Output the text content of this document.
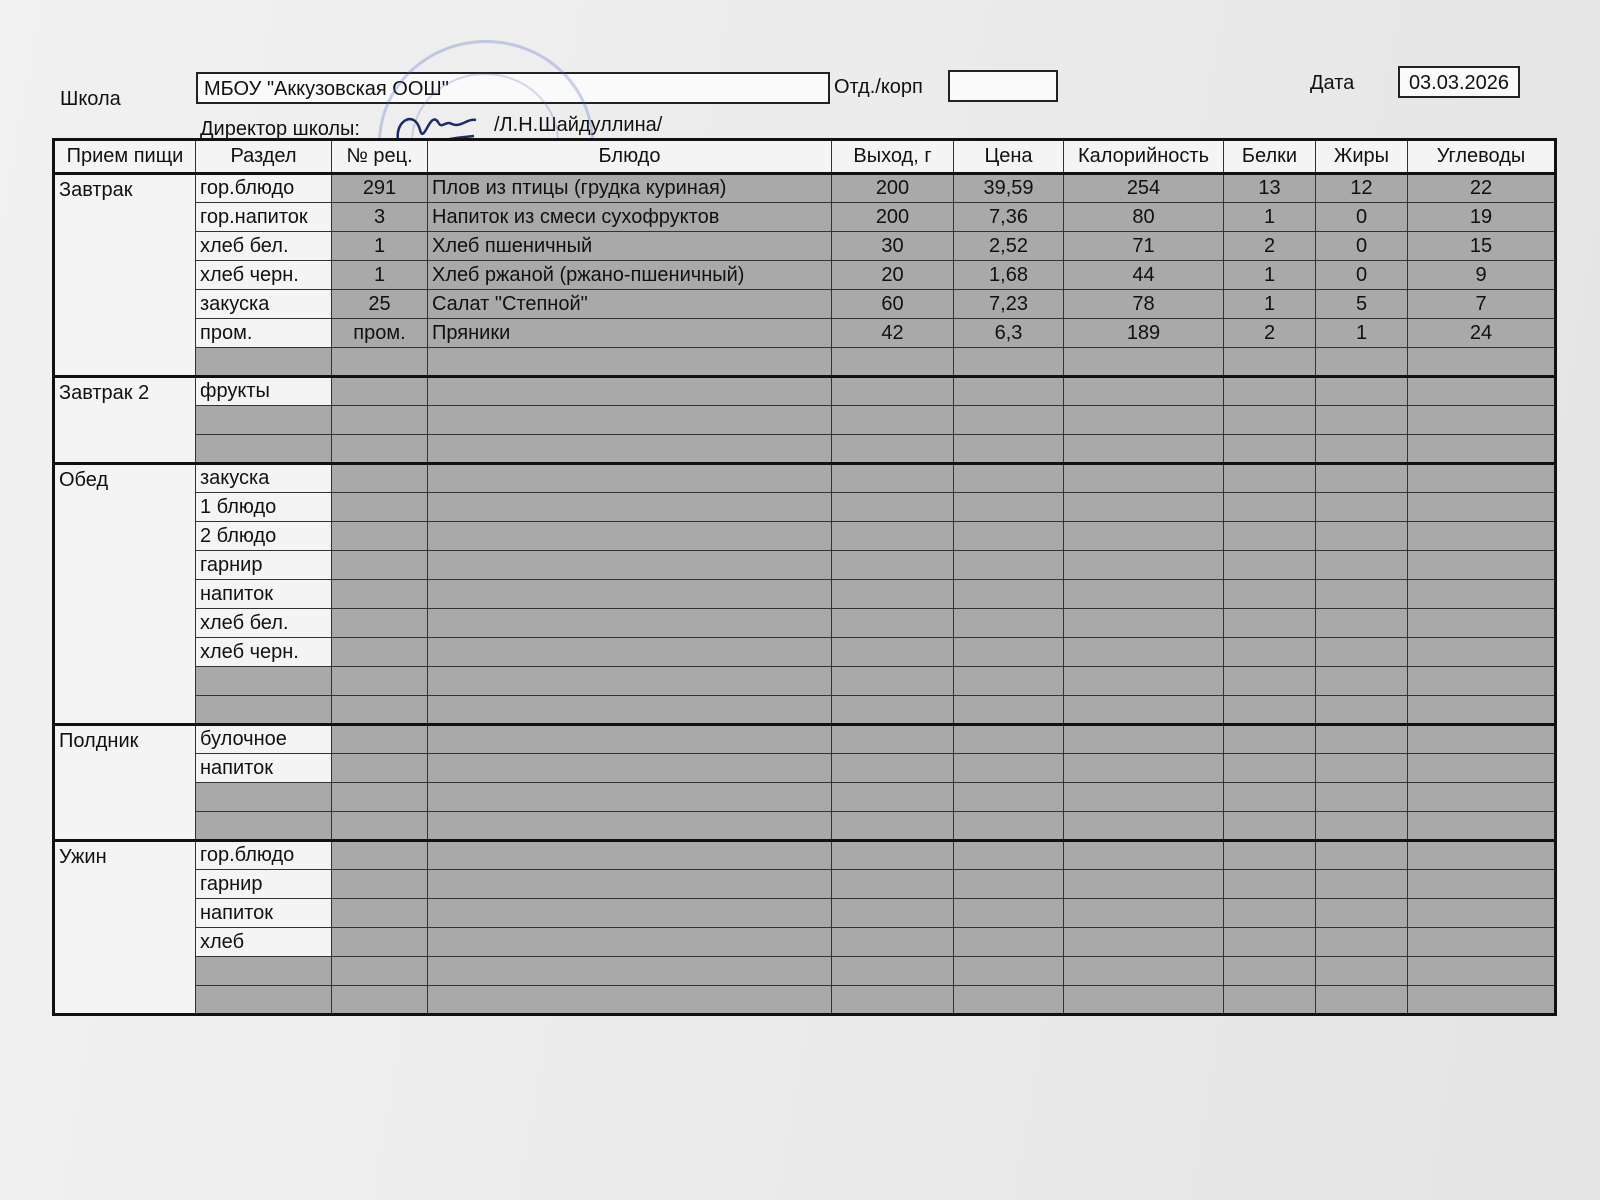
Школа	МБОУ "Аккузовская ООШ"	Отд./корп	Дата	03.03.2026
Директор школы:	/Л.Н.Шайдуллина/
Прием пищи	Раздел	№ рец.	Блюдо	Выход, г	Цена	Калорийность	Белки	Жиры	Углеводы
Завтрак	гор.блюдо	291	Плов из птицы (грудка куриная)	200	39,59	254	13	12	22
	гор.напиток	3	Напиток из смеси сухофруктов	200	7,36	80	1	0	19
	хлеб бел.	1	Хлеб пшеничный	30	2,52	71	2	0	15
	хлеб черн.	1	Хлеб ржаной (ржано-пшеничный)	20	1,68	44	1	0	9
	закуска	25	Салат "Степной"	60	7,23	78	1	5	7
	пром.	пром.	Пряники	42	6,3	189	2	1	24

Завтрак 2	фрукты								

Обед	закуска								
	1 блюдо								
	2 блюдо								
	гарнир								
	напиток								
	хлеб бел.								
	хлеб черн.								

Полдник	булочное								
	напиток								

Ужин	гор.блюдо								
	гарнир								
	напиток								
	хлеб								
